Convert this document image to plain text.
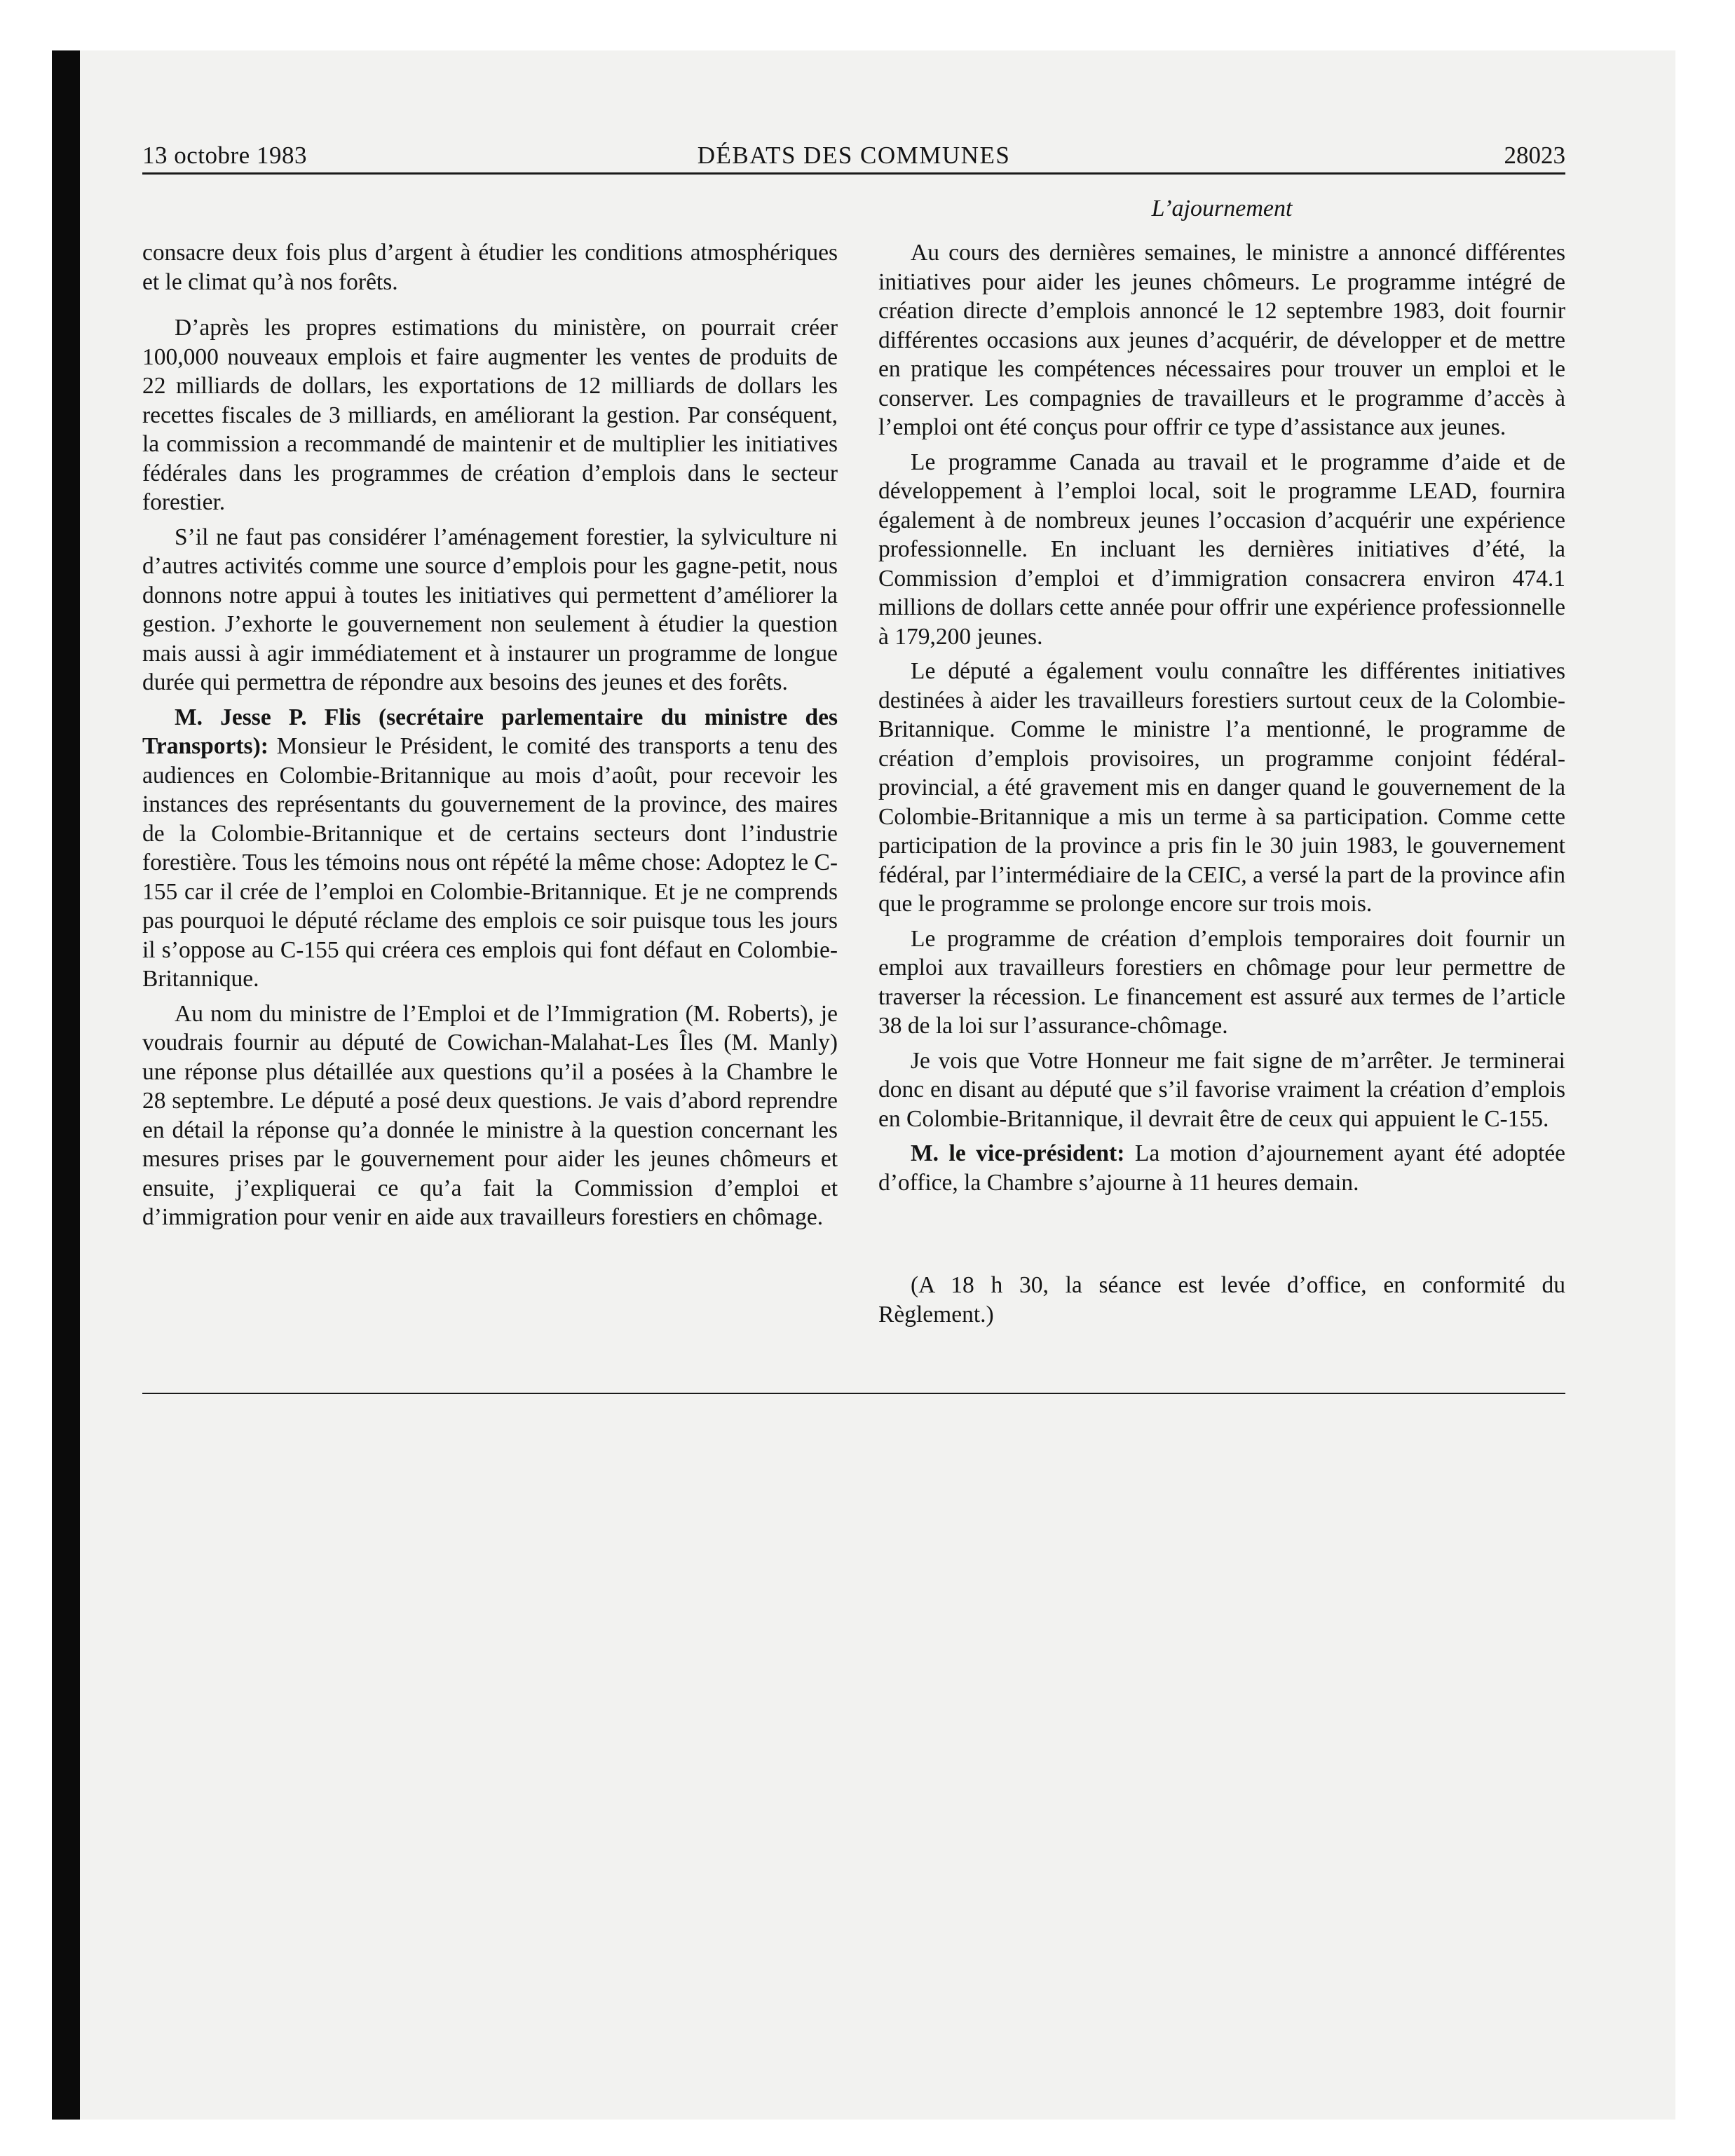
13 octobre 1983	DÉBATS DES COMMUNES	28023
L’ajournement

consacre deux fois plus d’argent à étudier les conditions atmosphériques et le climat qu’à nos forêts.

D’après les propres estimations du ministère, on pourrait créer 100,000 nouveaux emplois et faire augmenter les ventes de produits de 22 milliards de dollars, les exportations de 12 milliards de dollars les recettes fiscales de 3 milliards, en améliorant la gestion. Par conséquent, la commission a recommandé de maintenir et de multiplier les initiatives fédérales dans les programmes de création d’emplois dans le secteur forestier.

S’il ne faut pas considérer l’aménagement forestier, la sylviculture ni d’autres activités comme une source d’emplois pour les gagne-petit, nous donnons notre appui à toutes les initiatives qui permettent d’améliorer la gestion. J’exhorte le gouvernement non seulement à étudier la question mais aussi à agir immédiatement et à instaurer un programme de longue durée qui permettra de répondre aux besoins des jeunes et des forêts.

M. Jesse P. Flis (secrétaire parlementaire du ministre des Transports): Monsieur le Président, le comité des transports a tenu des audiences en Colombie-Britannique au mois d’août, pour recevoir les instances des représentants du gouvernement de la province, des maires de la Colombie-Britannique et de certains secteurs dont l’industrie forestière. Tous les témoins nous ont répété la même chose: Adoptez le C-155 car il crée de l’emploi en Colombie-Britannique. Et je ne comprends pas pourquoi le député réclame des emplois ce soir puisque tous les jours il s’oppose au C-155 qui créera ces emplois qui font défaut en Colombie-Britannique.

Au nom du ministre de l’Emploi et de l’Immigration (M. Roberts), je voudrais fournir au député de Cowichan-Malahat-Les Îles (M. Manly) une réponse plus détaillée aux questions qu’il a posées à la Chambre le 28 septembre. Le député a posé deux questions. Je vais d’abord reprendre en détail la réponse qu’a donnée le ministre à la question concernant les mesures prises par le gouvernement pour aider les jeunes chômeurs et ensuite, j’expliquerai ce qu’a fait la Commission d’emploi et d’immigration pour venir en aide aux travailleurs forestiers en chômage.

Au cours des dernières semaines, le ministre a annoncé différentes initiatives pour aider les jeunes chômeurs. Le programme intégré de création directe d’emplois annoncé le 12 septembre 1983, doit fournir différentes occasions aux jeunes d’acquérir, de développer et de mettre en pratique les compétences nécessaires pour trouver un emploi et le conserver. Les compagnies de travailleurs et le programme d’accès à l’emploi ont été conçus pour offrir ce type d’assistance aux jeunes.

Le programme Canada au travail et le programme d’aide et de développement à l’emploi local, soit le programme LEAD, fournira également à de nombreux jeunes l’occasion d’acquérir une expérience professionnelle. En incluant les dernières initiatives d’été, la Commission d’emploi et d’immigration consacrera environ 474.1 millions de dollars cette année pour offrir une expérience professionnelle à 179,200 jeunes.

Le député a également voulu connaître les différentes initiatives destinées à aider les travailleurs forestiers surtout ceux de la Colombie-Britannique. Comme le ministre l’a mentionné, le programme de création d’emplois provisoires, un programme conjoint fédéral-provincial, a été gravement mis en danger quand le gouvernement de la Colombie-Britannique a mis un terme à sa participation. Comme cette participation de la province a pris fin le 30 juin 1983, le gouvernement fédéral, par l’intermédiaire de la CEIC, a versé la part de la province afin que le programme se prolonge encore sur trois mois.

Le programme de création d’emplois temporaires doit fournir un emploi aux travailleurs forestiers en chômage pour leur permettre de traverser la récession. Le financement est assuré aux termes de l’article 38 de la loi sur l’assurance-chômage.

Je vois que Votre Honneur me fait signe de m’arrêter. Je terminerai donc en disant au député que s’il favorise vraiment la création d’emplois en Colombie-Britannique, il devrait être de ceux qui appuient le C-155.

M. le vice-président: La motion d’ajournement ayant été adoptée d’office, la Chambre s’ajourne à 11 heures demain.

(A 18 h 30, la séance est levée d’office, en conformité du Règlement.)
